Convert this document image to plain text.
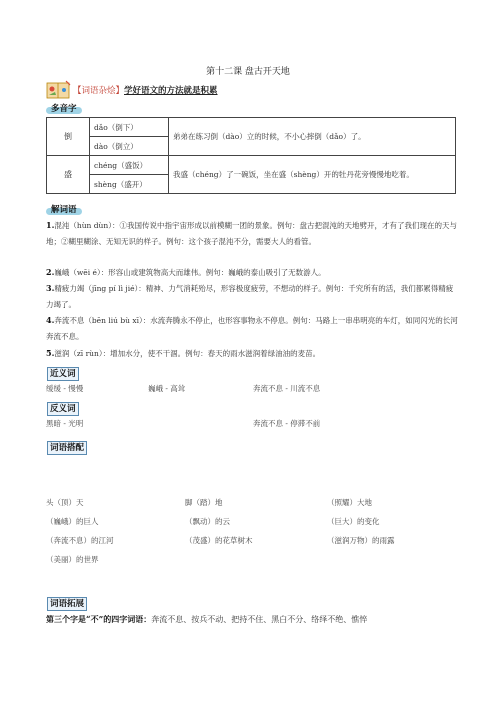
第十二课 盘古开天地
【词语杂烩】学好语文的方法就是积累
多音字
倒	dǎo（倒下）	弟弟在练习倒（dào）立的时候，不小心摔倒（dǎo）了。
	dào（倒立）	
盛	chéng（盛饭）	我盛（chéng）了一碗饭，坐在盛（shèng）开的牡丹花旁慢慢地吃着。
	shèng（盛开）	
解词语
1.混沌（hùn dùn）：①我国传说中指宇宙形成以前模糊一团的景象。例句：盘古把混沌的天地劈开，才有了我们现在的天与地；②糊里糊涂、无知无识的样子。例句：这个孩子混沌不分，需要大人的看管。
2.巍峨（wēi é）：形容山或建筑物高大而雄伟。例句：巍峨的泰山吸引了无数游人。
3.精疲力竭（jīng pí lì jié）：精神、力气消耗殆尽，形容极度疲劳，不想动的样子。例句：千究所有的活，我们都累得精疲力竭了。
4.奔流不息（bēn liú bù xī）：水流奔腾永不停止，也形容事物永不停息。例句：马路上一串串明亮的车灯，如同闪光的长河奔流不息。
5.滋润（zī rùn）：增加水分，使不干涸。例句：春天的雨水滋润着绿油油的麦苗。
近义词
缓缓 - 慢慢	巍峨 - 高耸	奔流不息 - 川流不息
反义词
黑暗 - 光明	奔流不息 - 停滞不前
词语搭配
头（顶）天	脚（踏）地	（照耀）大地
（巍峨）的巨人	（飘动）的云	（巨大）的变化
（奔流不息）的江河	（茂盛）的花草树木	（滋润万物）的雨露
（美丽）的世界
词语拓展
第三个字是“不”的四字词语：奔流不息、按兵不动、把持不住、黑白不分、络绎不绝、憔悴
